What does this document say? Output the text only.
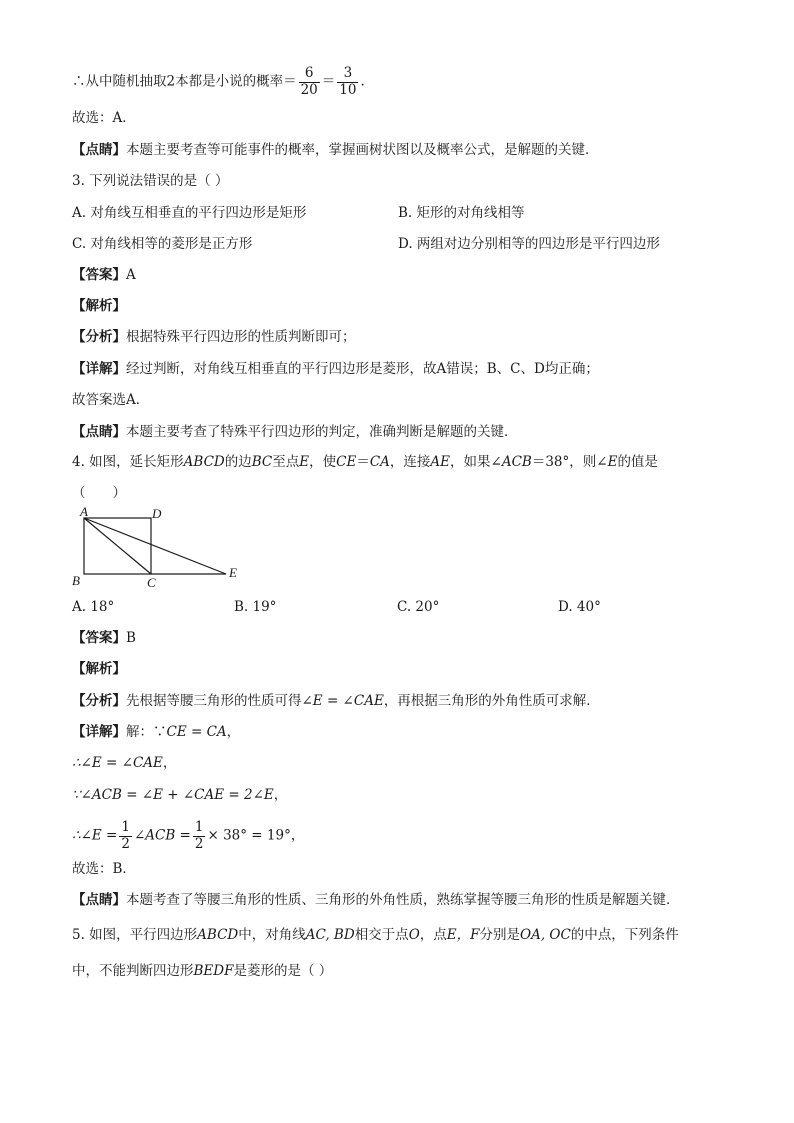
∴从中随机抽取2本都是小说的概率＝ $\frac{6}{20} = \frac{3}{10}$ .
故选：A．
【点睛】本题主要考查等可能事件的概率，掌握画树状图以及概率公式，是解题的关键．
3. 下列说法错误的是（ ）
A. 对角线互相垂直的平行四边形是矩形	B. 矩形的对角线相等
C. 对角线相等的菱形是正方形	D. 两组对边分别相等的四边形是平行四边形
【答案】A
【解析】
【分析】根据特殊平行四边形的性质判断即可；
【详解】经过判断，对角线互相垂直的平行四边形是菱形，故A错误；B、C、D均正确；
故答案选A．
【点睛】本题主要考查了特殊平行四边形的判定，准确判断是解题的关键．
4. 如图，延长矩形ABCD的边BC至点E，使CE＝CA，连接AE，如果∠ACB＝38°，则∠E的值是
（　　）
A	D
B	C
E
A. 18°	B. 19°	C. 20°	D. 40°
【答案】B
【解析】
【分析】先根据等腰三角形的性质可得∠E = ∠CAE，再根据三角形的外角性质可求解．
【详解】解：∵CE = CA，
∴∠E = ∠CAE，
∵∠ACB = ∠E + ∠CAE = 2∠E，
∴∠E = $\frac{1}{2}$ ∠ACB = $\frac{1}{2} \times 38^\circ = 19^\circ$，
故选：B．
【点睛】本题考查了等腰三角形的性质、三角形的外角性质，熟练掌握等腰三角形的性质是解题关键．
5. 如图，平行四边形ABCD中，对角线AC, BD相交于点O，点E，F分别是OA, OC的中点，下列条件
中，不能判断四边形BEDF是菱形的是（ ）
